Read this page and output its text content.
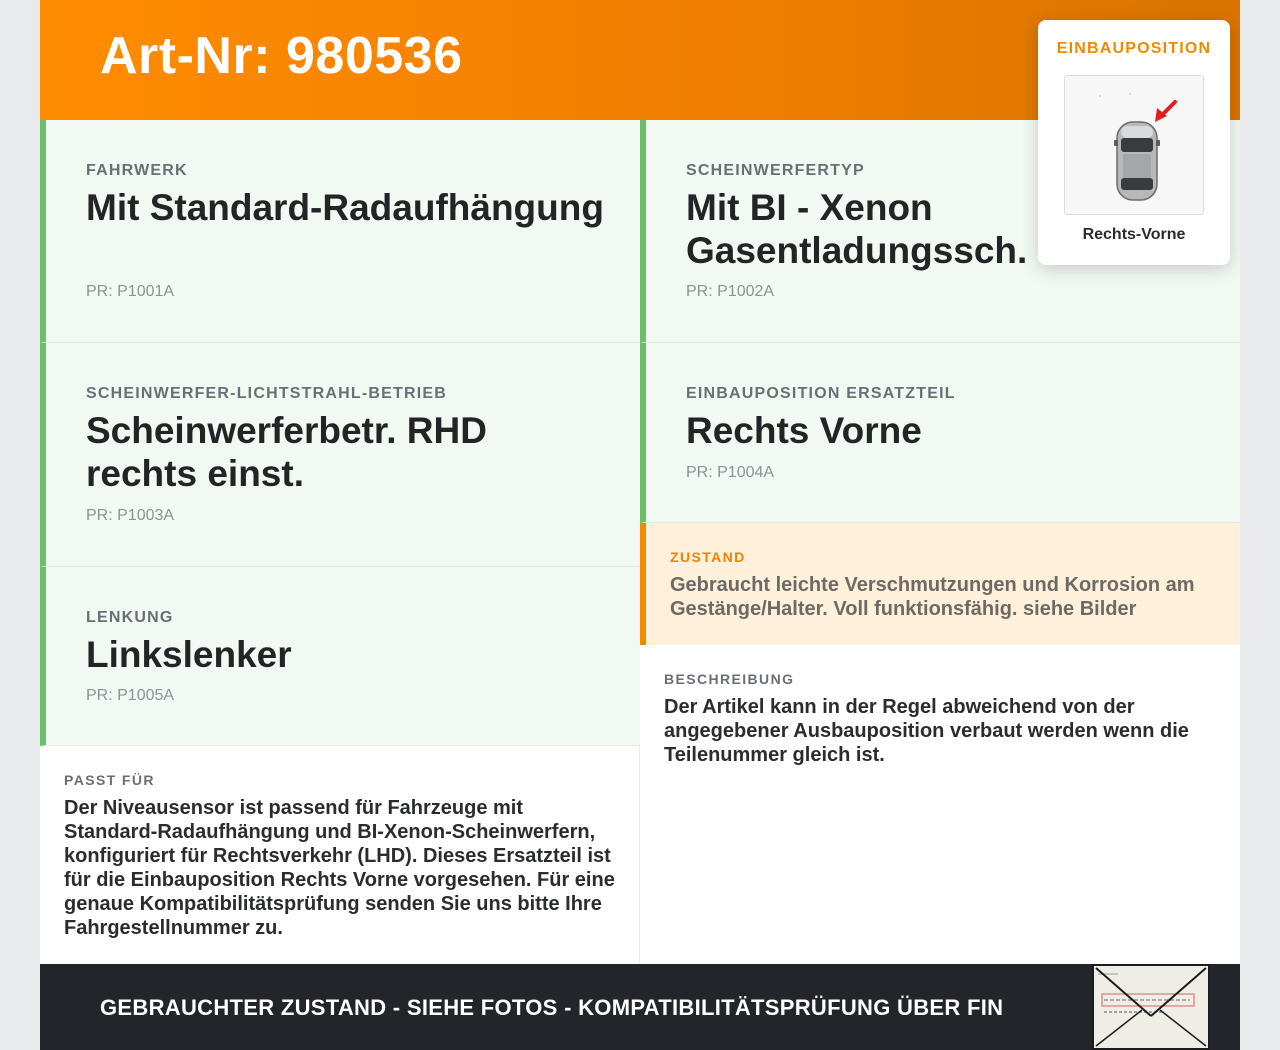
Art-Nr: 980536
FAHRWERK
Mit Standard-Radaufhängung
PR: P1001A
SCHEINWERFERTYP
Mit BI - Xenon Gasentladungssch.
PR: P1002A
SCHEINWERFER-LICHTSTRAHL-BETRIEB
Scheinwerferbetr. RHD rechts einst.
PR: P1003A
EINBAUPOSITION ERSATZTEIL
Rechts Vorne
PR: P1004A
LENKUNG
Linkslenker
PR: P1005A
ZUSTAND
Gebraucht leichte Verschmutzungen und Korrosion am Gestänge/Halter. Voll funktionsfähig. siehe Bilder
BESCHREIBUNG
Der Artikel kann in der Regel abweichend von der angegebener Ausbauposition verbaut werden wenn die Teilenummer gleich ist.
PASST FÜR
Der Niveausensor ist passend für Fahrzeuge mit Standard-Radaufhängung und BI-Xenon-Scheinwerfern, konfiguriert für Rechtsverkehr (LHD). Dieses Ersatzteil ist für die Einbauposition Rechts Vorne vorgesehen. Für eine genaue Kompatibilitätsprüfung senden Sie uns bitte Ihre Fahrgestellnummer zu.
GEBRAUCHTER ZUSTAND - SIEHE FOTOS - KOMPATIBILITÄTSPRÜFUNG ÜBER FIN
EINBAUPOSITION
Rechts-Vorne
